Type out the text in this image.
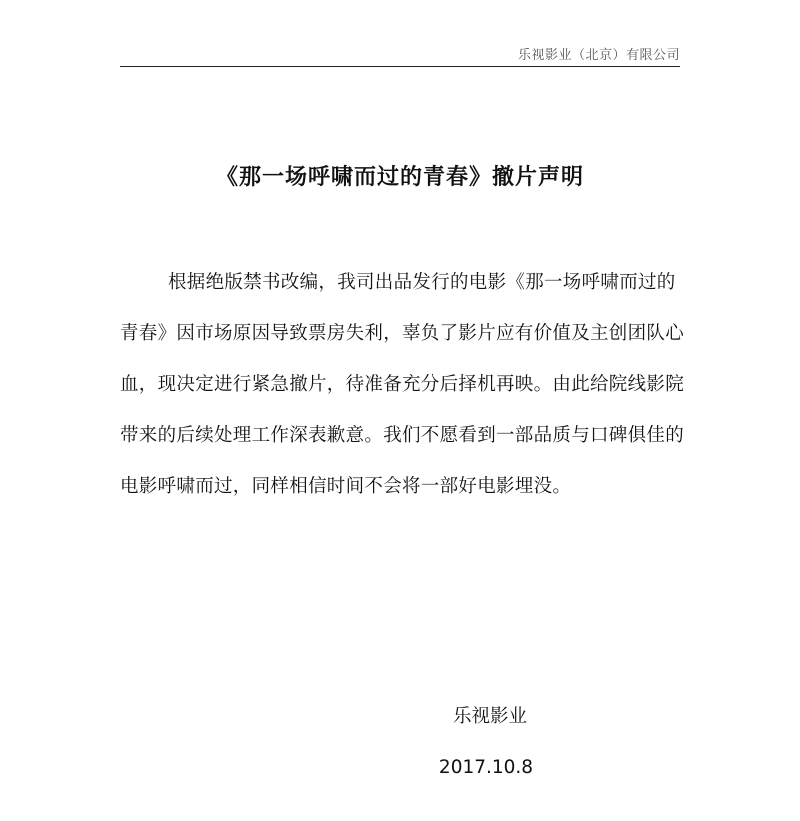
乐视影业（北京）有限公司
《那一场呼啸而过的青春》撤片声明
根据绝版禁书改编，我司出品发行的电影《那一场呼啸而过的
青春》因市场原因导致票房失利，辜负了影片应有价值及主创团队心
血，现决定进行紧急撤片，待准备充分后择机再映。由此给院线影院
带来的后续处理工作深表歉意。我们不愿看到一部品质与口碑俱佳的
电影呼啸而过，同样相信时间不会将一部好电影埋没。
乐视影业
2017.10.8
